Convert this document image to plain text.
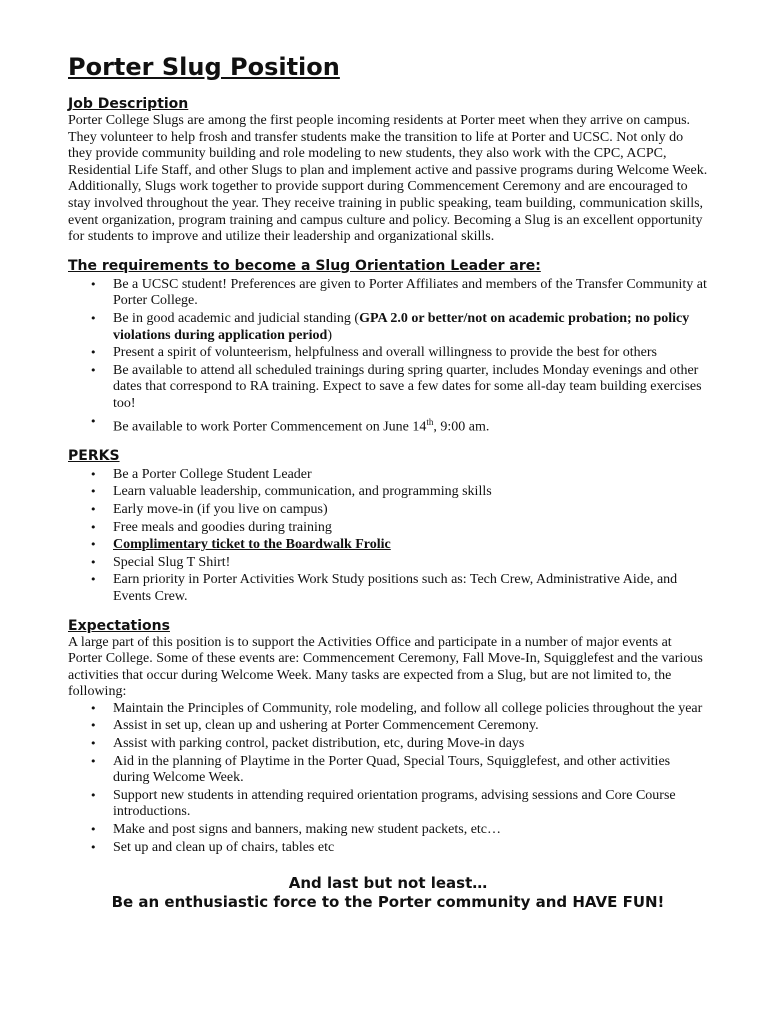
Porter Slug Position
Job Description

Porter College Slugs are among the first people incoming residents at Porter meet when they arrive on campus. They volunteer to help frosh and transfer students make the transition to life at Porter and UCSC. Not only do they provide community building and role modeling to new students, they also work with the CPC, ACPC, Residential Life Staff, and other Slugs to plan and implement active and passive programs during Welcome Week. Additionally, Slugs work together to provide support during Commencement Ceremony and are encouraged to stay involved throughout the year. They receive training in public speaking, team building, communication skills, event organization, program training and campus culture and policy. Becoming a Slug is an excellent opportunity for students to improve and utilize their leadership and organizational skills.

The requirements to become a Slug Orientation Leader are:
• Be a UCSC student! Preferences are given to Porter Affiliates and members of the Transfer Community at Porter College.
• Be in good academic and judicial standing (GPA 2.0 or better/not on academic probation; no policy violations during application period)
• Present a spirit of volunteerism, helpfulness and overall willingness to provide the best for others
• Be available to attend all scheduled trainings during spring quarter, includes Monday evenings and other dates that correspond to RA training. Expect to save a few dates for some all-day team building exercises too!
• Be available to work Porter Commencement on June 14th, 9:00 am.
PERKS
• Be a Porter College Student Leader
• Learn valuable leadership, communication, and programming skills
• Early move-in (if you live on campus)
• Free meals and goodies during training
• Complimentary ticket to the Boardwalk Frolic
• Special Slug T Shirt!
• Earn priority in Porter Activities Work Study positions such as: Tech Crew, Administrative Aide, and Events Crew.
Expectations

A large part of this position is to support the Activities Office and participate in a number of major events at Porter College. Some of these events are: Commencement Ceremony, Fall Move-In, Squigglefest and the various activities that occur during Welcome Week. Many tasks are expected from a Slug, but are not limited to, the following:

• Maintain the Principles of Community, role modeling, and follow all college policies throughout the year
• Assist in set up, clean up and ushering at Porter Commencement Ceremony.
• Assist with parking control, packet distribution, etc, during Move-in days
• Aid in the planning of Playtime in the Porter Quad, Special Tours, Squigglefest, and other activities during Welcome Week.
• Support new students in attending required orientation programs, advising sessions and Core Course introductions.
• Make and post signs and banners, making new student packets, etc…
• Set up and clean up of chairs, tables etc
And last but not least…
Be an enthusiastic force to the Porter community and HAVE FUN!
